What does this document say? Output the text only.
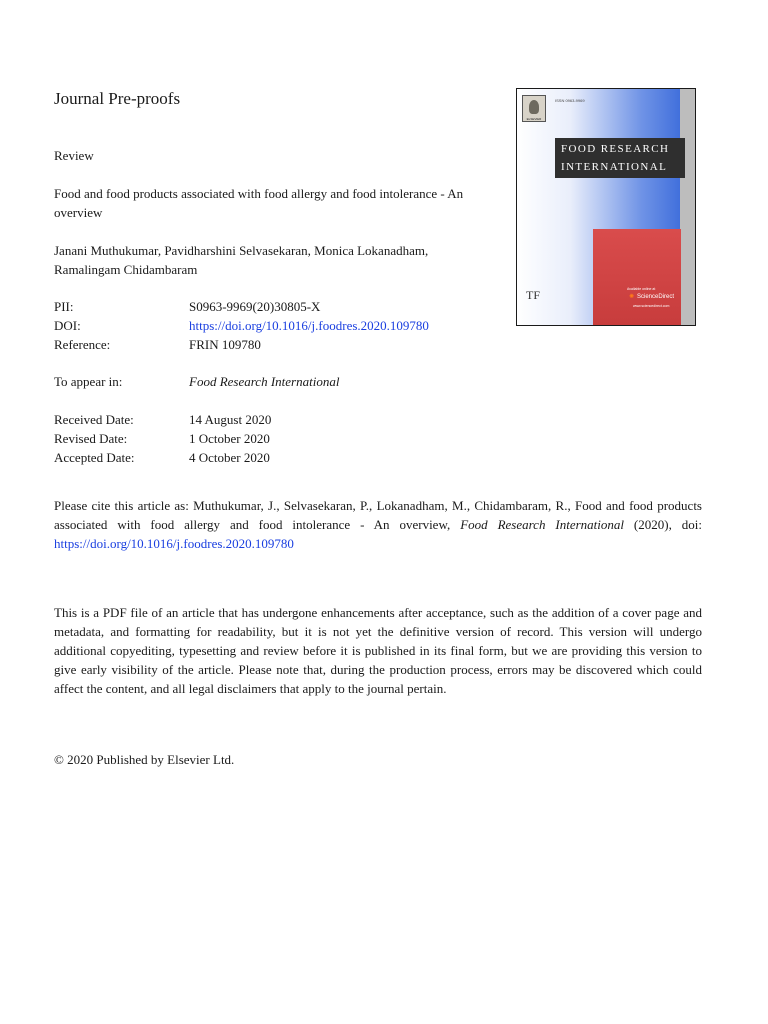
Journal Pre-proofs
Review
Food and food products associated with food allergy and food intolerance - An overview
Janani Muthukumar, Pavidharshini Selvasekaran, Monica Lokanadham, Ramalingam Chidambaram
PII:	S0963-9969(20)30805-X
DOI:	https://doi.org/10.1016/j.foodres.2020.109780
Reference:	FRIN 109780
To appear in:	Food Research International
Received Date:	14 August 2020
Revised Date:	1 October 2020
Accepted Date:	4 October 2020
Please cite this article as: Muthukumar, J., Selvasekaran, P., Lokanadham, M., Chidambaram, R., Food and food products associated with food allergy and food intolerance - An overview, Food Research International (2020), doi: https://doi.org/10.1016/j.foodres.2020.109780
This is a PDF file of an article that has undergone enhancements after acceptance, such as the addition of a cover page and metadata, and formatting for readability, but it is not yet the definitive version of record. This version will undergo additional copyediting, typesetting and review before it is published in its final form, but we are providing this version to give early visibility of the article. Please note that, during the production process, errors may be discovered which could affect the content, and all legal disclaimers that apply to the journal pertain.
© 2020 Published by Elsevier Ltd.
ELSEVIER
ISSN 0963-9969
FOOD RESEARCH
INTERNATIONAL
TF	Available online at
✺ ScienceDirect
www.sciencedirect.com
